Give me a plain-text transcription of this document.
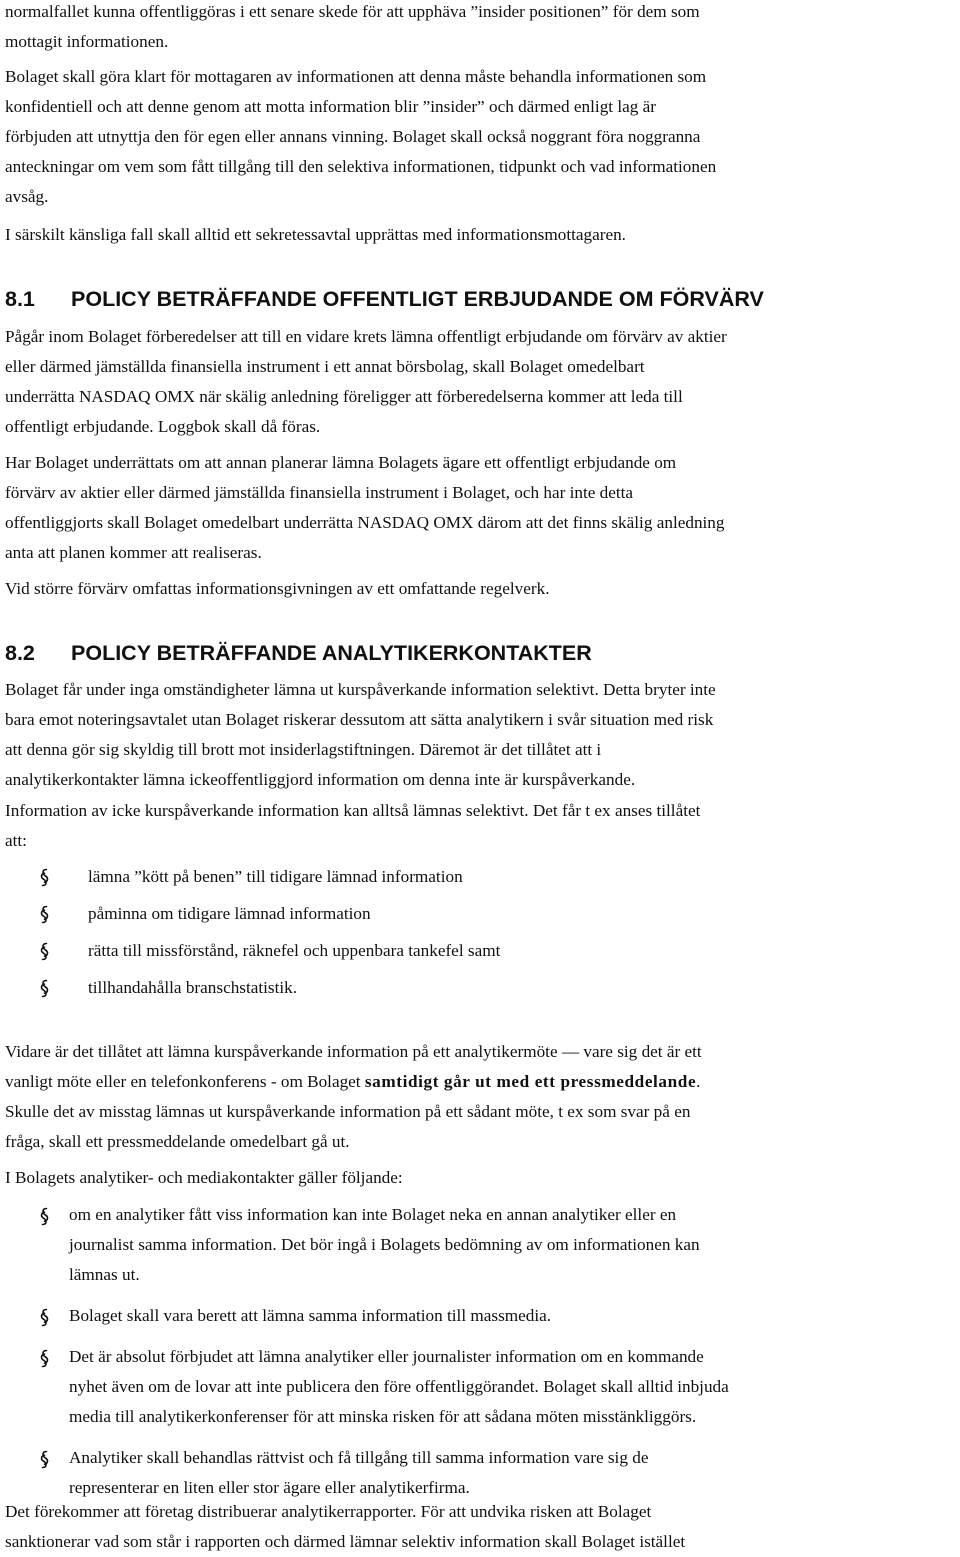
normalfallet kunna offentliggöras i ett senare skede för att upphäva ”insider positionen” för dem som
mottagit informationen.

Bolaget skall göra klart för mottagaren av informationen att denna måste behandla informationen som
konfidentiell och att denne genom att motta information blir ”insider” och därmed enligt lag är
förbjuden att utnyttja den för egen eller annans vinning. Bolaget skall också noggrant föra noggranna
anteckningar om vem som fått tillgång till den selektiva informationen, tidpunkt och vad informationen
avsåg.

I särskilt känsliga fall skall alltid ett sekretessavtal upprättas med informationsmottagaren.

8.1 POLICY BETRÄFFANDE OFFENTLIGT ERBJUDANDE OM FÖRVÄRV

Pågår inom Bolaget förberedelser att till en vidare krets lämna offentligt erbjudande om förvärv av aktier
eller därmed jämställda finansiella instrument i ett annat börsbolag, skall Bolaget omedelbart
underrätta NASDAQ OMX när skälig anledning föreligger att förberedelserna kommer att leda till
offentligt erbjudande. Loggbok skall då föras.

Har Bolaget underrättats om att annan planerar lämna Bolagets ägare ett offentligt erbjudande om
förvärv av aktier eller därmed jämställda finansiella instrument i Bolaget, och har inte detta
offentliggjorts skall Bolaget omedelbart underrätta NASDAQ OMX därom att det finns skälig anledning
anta att planen kommer att realiseras.

Vid större förvärv omfattas informationsgivningen av ett omfattande regelverk.

8.2 POLICY BETRÄFFANDE ANALYTIKERKONTAKTER

Bolaget får under inga omständigheter lämna ut kurspåverkande information selektivt. Detta bryter inte
bara emot noteringsavtalet utan Bolaget riskerar dessutom att sätta analytikern i svår situation med risk
att denna gör sig skyldig till brott mot insiderlagstiftningen. Däremot är det tillåtet att i
analytikerkontakter lämna ickeoffentliggjord information om denna inte är kurspåverkande.

Information av icke kurspåverkande information kan alltså lämnas selektivt. Det får t ex anses tillåtet
att:

lämna ”kött på benen” till tidigare lämnad information
påminna om tidigare lämnad information
rätta till missförstånd, räknefel och uppenbara tankefel samt
tillhandahålla branschstatistik.

Vidare är det tillåtet att lämna kurspåverkande information på ett analytikermöte — vare sig det är ett
vanligt möte eller en telefonkonferens - om Bolaget samtidigt går ut med ett pressmeddelande.
Skulle det av misstag lämnas ut kurspåverkande information på ett sådant möte, t ex som svar på en
fråga, skall ett pressmeddelande omedelbart gå ut.

I Bolagets analytiker- och mediakontakter gäller följande:

om en analytiker fått viss information kan inte Bolaget neka en annan analytiker eller en
journalist samma information. Det bör ingå i Bolagets bedömning av om informationen kan
lämnas ut.
Bolaget skall vara berett att lämna samma information till massmedia.
Det är absolut förbjudet att lämna analytiker eller journalister information om en kommande
nyhet även om de lovar att inte publicera den före offentliggörandet. Bolaget skall alltid inbjuda
media till analytikerkonferenser för att minska risken för att sådana möten misstänkliggörs.
Analytiker skall behandlas rättvist och få tillgång till samma information vare sig de
representerar en liten eller stor ägare eller analytikerfirma.

Det förekommer att företag distribuerar analytikerrapporter. För att undvika risken att Bolaget
sanktionerar vad som står i rapporten och därmed lämnar selektiv information skall Bolaget istället
